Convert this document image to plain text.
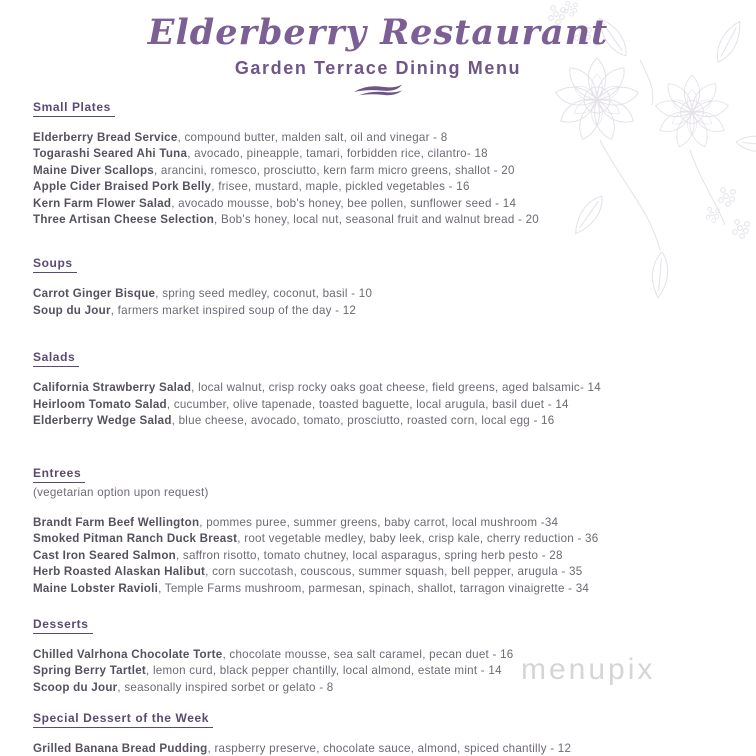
Elderberry Restaurant
Garden Terrace Dining Menu
Small Plates

Elderberry Bread Service, compound butter, malden salt, oil and vinegar - 8

Togarashi Seared Ahi Tuna, avocado, pineapple, tamari, forbidden rice, cilantro- 18

Maine Diver Scallops, arancini, romesco, prosciutto, kern farm micro greens, shallot - 20

Apple Cider Braised Pork Belly, frisee, mustard, maple, pickled vegetables - 16

Kern Farm Flower Salad, avocado mousse, bob's honey, bee pollen, sunflower seed - 14

Three Artisan Cheese Selection, Bob's honey, local nut, seasonal fruit and walnut bread - 20

Soups

Carrot Ginger Bisque, spring seed medley, coconut, basil - 10

Soup du Jour, farmers market inspired soup of the day - 12

Salads

California Strawberry Salad, local walnut, crisp rocky oaks goat cheese, field greens, aged balsamic- 14

Heirloom Tomato Salad, cucumber, olive tapenade, toasted baguette, local arugula, basil duet - 14

Elderberry Wedge Salad, blue cheese, avocado, tomato, prosciutto, roasted corn, local egg - 16

Entrees

(vegetarian option upon request)

Brandt Farm Beef Wellington, pommes puree, summer greens, baby carrot, local mushroom -34

Smoked Pitman Ranch Duck Breast, root vegetable medley, baby leek, crisp kale, cherry reduction - 36

Cast Iron Seared Salmon, saffron risotto, tomato chutney, local asparagus, spring herb pesto - 28

Herb Roasted Alaskan Halibut, corn succotash, couscous, summer squash, bell pepper, arugula - 35

Maine Lobster Ravioli, Temple Farms mushroom, parmesan, spinach, shallot, tarragon vinaigrette - 34

Desserts

Chilled Valrhona Chocolate Torte, chocolate mousse, sea salt caramel, pecan duet - 16

Spring Berry Tartlet, lemon curd, black pepper chantilly, local almond, estate mint - 14

Scoop du Jour, seasonally inspired sorbet or gelato - 8

Special Dessert of the Week

Grilled Banana Bread Pudding, raspberry preserve, chocolate sauce, almond, spiced chantilly - 12

menupix
